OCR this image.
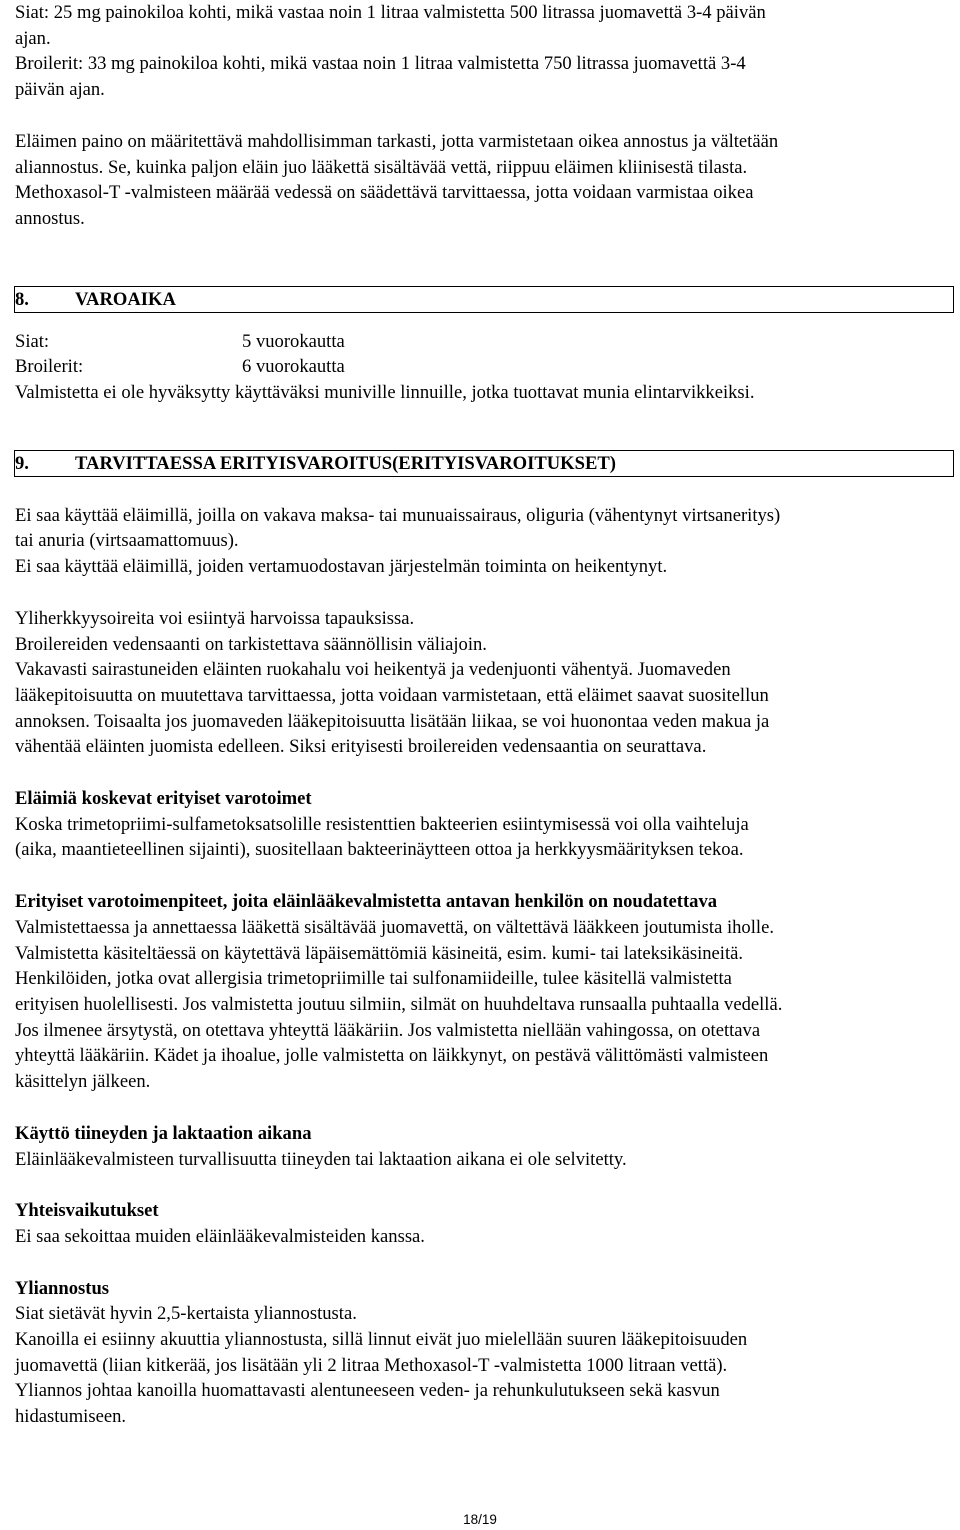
Siat: 25 mg painokiloa kohti, mikä vastaa noin 1 litraa valmistetta 500 litrassa juomavettä 3-4 päivän

ajan.

Broilerit: 33 mg painokiloa kohti, mikä vastaa noin 1 litraa valmistetta 750 litrassa juomavettä 3-4

päivän ajan.

Eläimen paino on määritettävä mahdollisimman tarkasti, jotta varmistetaan oikea annostus ja vältetään

aliannostus. Se, kuinka paljon eläin juo lääkettä sisältävää vettä, riippuu eläimen kliinisestä tilasta.

Methoxasol-T -valmisteen määrää vedessä on säädettävä tarvittaessa, jotta voidaan varmistaa oikea

annostus.

8.	VAROAIKA
Siat:	5 vuorokautta
Broilerit:	6 vuorokautta

Valmistetta ei ole hyväksytty käyttäväksi muniville linnuille, jotka tuottavat munia elintarvikkeiksi.

9.	TARVITTAESSA ERITYISVAROITUS(ERITYISVAROITUKSET)

Ei saa käyttää eläimillä, joilla on vakava maksa- tai munuaissairaus, oliguria (vähentynyt virtsaneritys)

tai anuria (virtsaamattomuus).

Ei saa käyttää eläimillä, joiden vertamuodostavan järjestelmän toiminta on heikentynyt.

Yliherkkyysoireita voi esiintyä harvoissa tapauksissa.

Broilereiden vedensaanti on tarkistettava säännöllisin väliajoin.

Vakavasti sairastuneiden eläinten ruokahalu voi heikentyä ja vedenjuonti vähentyä. Juomaveden

lääkepitoisuutta on muutettava tarvittaessa, jotta voidaan varmistetaan, että eläimet saavat suositellun

annoksen. Toisaalta jos juomaveden lääkepitoisuutta lisätään liikaa, se voi huonontaa veden makua ja

vähentää eläinten juomista edelleen. Siksi erityisesti broilereiden vedensaantia on seurattava.

Eläimiä koskevat erityiset varotoimet

Koska trimetopriimi-sulfametoksatsolille resistenttien bakteerien esiintymisessä voi olla vaihteluja

(aika, maantieteellinen sijainti), suositellaan bakteerinäytteen ottoa ja herkkyysmäärityksen tekoa.

Erityiset varotoimenpiteet, joita eläinlääkevalmistetta antavan henkilön on noudatettava

Valmistettaessa ja annettaessa lääkettä sisältävää juomavettä, on vältettävä lääkkeen joutumista iholle.

Valmistetta käsiteltäessä on käytettävä läpäisemättömiä käsineitä, esim. kumi- tai lateksikäsineitä.

Henkilöiden, jotka ovat allergisia trimetopriimille tai sulfonamiideille, tulee käsitellä valmistetta

erityisen huolellisesti. Jos valmistetta joutuu silmiin, silmät on huuhdeltava runsaalla puhtaalla vedellä.

Jos ilmenee ärsytystä, on otettava yhteyttä lääkäriin. Jos valmistetta niellään vahingossa, on otettava

yhteyttä lääkäriin. Kädet ja ihoalue, jolle valmistetta on läikkynyt, on pestävä välittömästi valmisteen

käsittelyn jälkeen.

Käyttö tiineyden ja laktaation aikana

Eläinlääkevalmisteen turvallisuutta tiineyden tai laktaation aikana ei ole selvitetty.

Yhteisvaikutukset

Ei saa sekoittaa muiden eläinlääkevalmisteiden kanssa.

Yliannostus

Siat sietävät hyvin 2,5-kertaista yliannostusta.

Kanoilla ei esiinny akuuttia yliannostusta, sillä linnut eivät juo mielellään suuren lääkepitoisuuden

juomavettä (liian kitkerää, jos lisätään yli 2 litraa Methoxasol-T -valmistetta 1000 litraan vettä).

Yliannos johtaa kanoilla huomattavasti alentuneeseen veden- ja rehunkulutukseen sekä kasvun

hidastumiseen.

18/19
